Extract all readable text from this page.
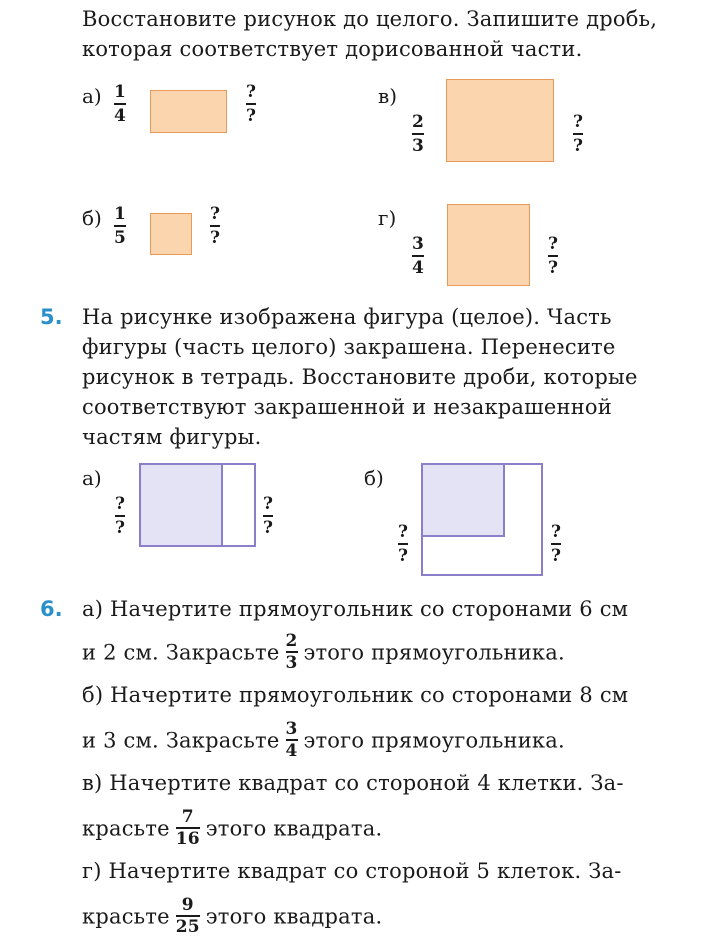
Восстановите рисунок до целого. Запишите дробь,
которая соответствует дорисованной части.
а) 1
4
?
?
в)
2
3
?
?
б) 1
5
?
?
г)
3
4
?
?
5. На рисунке изображена фигура (целое). Часть
фигуры (часть целого) закрашена. Перенесите
рисунок в тетрадь. Восстановите дроби, которые
соответствуют закрашенной и незакрашенной
частям фигуры.
а)
?
?
?
?
б)
?
?
?
?
6. а) Начертите прямоугольник со сторонами 6 см
и 2 см. Закрасьте $\frac{2}{3}$ этого прямоугольника.
б) Начертите прямоугольник со сторонами 8 см
и 3 см. Закрасьте $\frac{3}{4}$ этого прямоугольника.
в) Начертите квадрат со стороной 4 клетки. За-
красьте $\frac{7}{16}$ этого квадрата.
г) Начертите квадрат со стороной 5 клеток. За-
красьте $\frac{9}{25}$ этого квадрата.
